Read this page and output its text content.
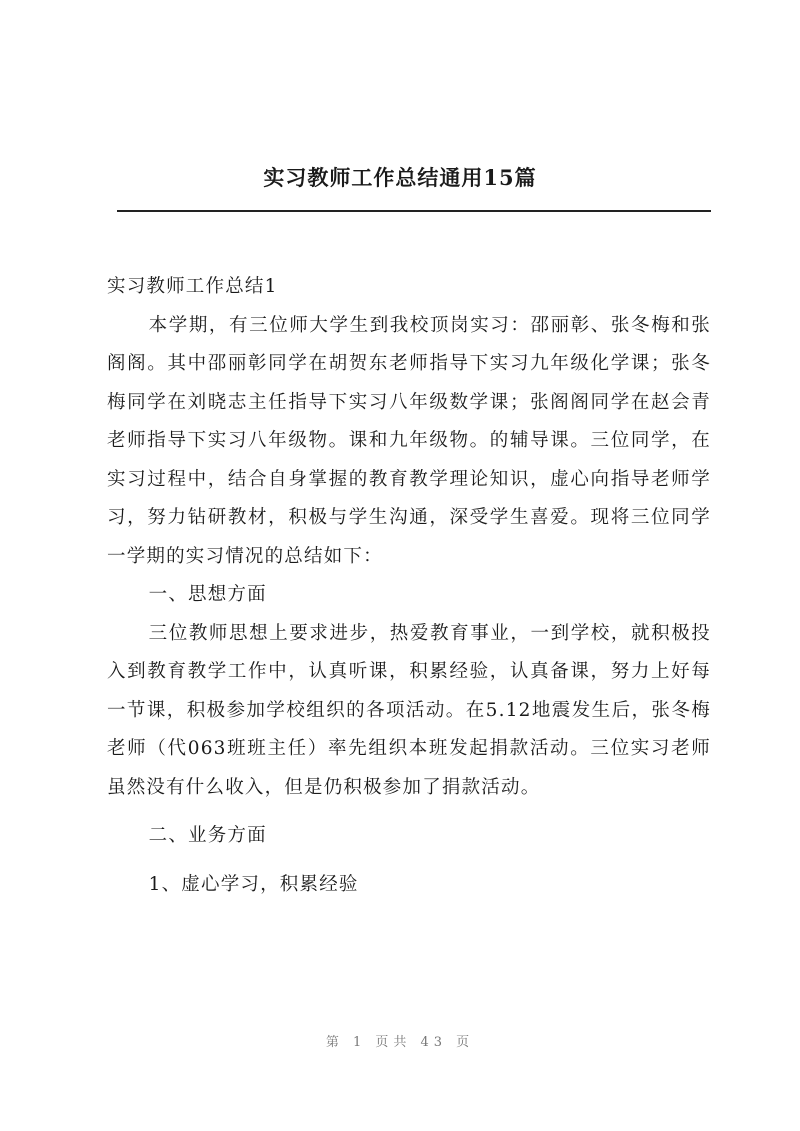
实习教师工作总结通用15篇

实习教师工作总结1

本学期，有三位师大学生到我校顶岗实习：邵丽彰、张冬梅和张阁阁。其中邵丽彰同学在胡贺东老师指导下实习九年级化学课；张冬梅同学在刘晓志主任指导下实习八年级数学课；张阁阁同学在赵会青老师指导下实习八年级物。课和九年级物。的辅导课。三位同学，在实习过程中，结合自身掌握的教育教学理论知识，虚心向指导老师学习，努力钻研教材，积极与学生沟通，深受学生喜爱。现将三位同学一学期的实习情况的总结如下：

一、思想方面

三位教师思想上要求进步，热爱教育事业，一到学校，就积极投入到教育教学工作中，认真听课，积累经验，认真备课，努力上好每一节课，积极参加学校组织的各项活动。在5.12地震发生后，张冬梅老师（代063班班主任）率先组织本班发起捐款活动。三位实习老师虽然没有什么收入，但是仍积极参加了捐款活动。

二、业务方面

1、虚心学习，积累经验

第 1 页共 43 页
